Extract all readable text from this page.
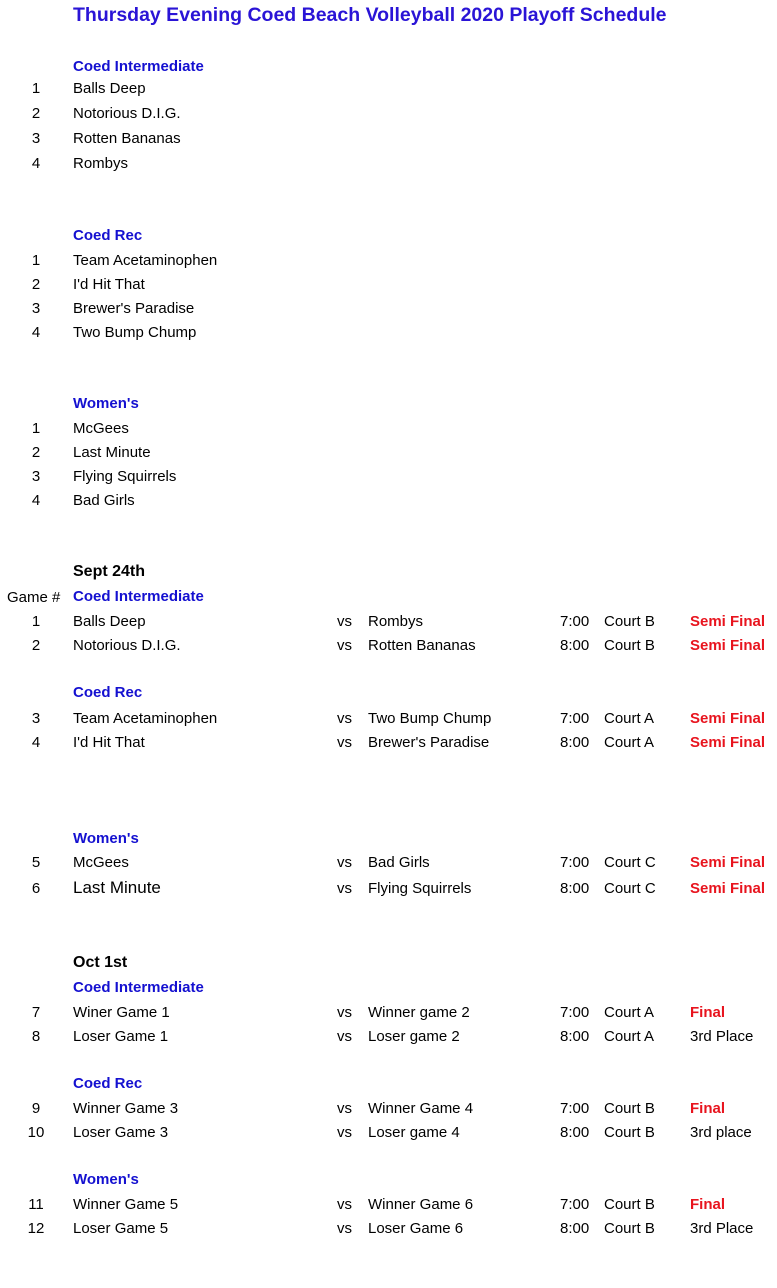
Thursday Evening Coed Beach Volleyball 2020 Playoff Schedule
Coed Intermediate
1	Balls Deep
2	Notorious D.I.G.
3	Rotten Bananas
4	Rombys
Coed Rec
1	Team Acetaminophen
2	I'd Hit That
3	Brewer's Paradise
4	Two Bump Chump
Women's
1	McGees
2	Last Minute
3	Flying Squirrels
4	Bad Girls
Sept 24th
Game # Coed Intermediate
1	Balls Deep	vs Rombys	7:00 Court B Semi Final
2	Notorious D.I.G.	vs Rotten Bananas	8:00 Court B Semi Final
Coed Rec
3	Team Acetaminophen	vs Two Bump Chump	7:00 Court A Semi Final
4	I'd Hit That	vs Brewer's Paradise	8:00 Court A Semi Final
Women's
5	McGees	vs Bad Girls	7:00 Court C Semi Final
6	Last Minute	vs Flying Squirrels	8:00 Court C Semi Final
Oct 1st
Coed Intermediate
7	Winer Game 1	vs Winner game 2	7:00 Court A Final
8	Loser Game 1	vs Loser game 2	8:00 Court A 3rd Place
Coed Rec
9	Winner Game 3	vs Winner Game 4	7:00 Court B Final
10	Loser Game 3	vs Loser game 4	8:00 Court B 3rd place
Women's
11	Winner Game 5	vs Winner Game 6	7:00 Court B Final
12	Loser Game 5	vs Loser Game 6	8:00 Court B 3rd Place
